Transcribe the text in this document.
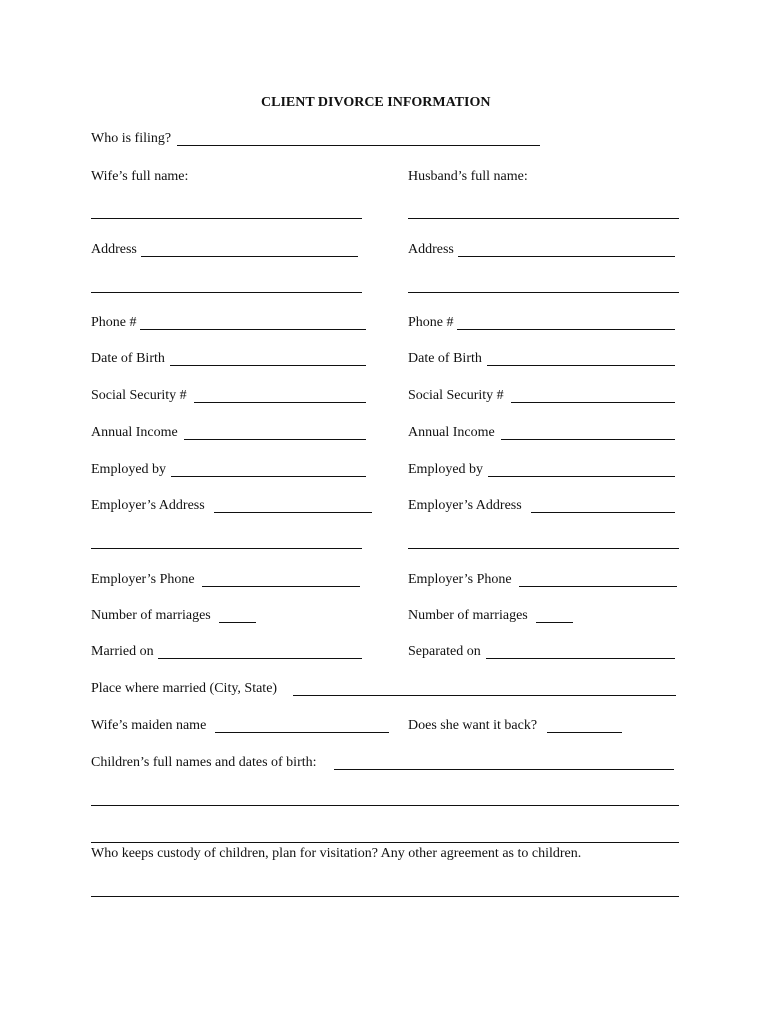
CLIENT DIVORCE INFORMATION
Who is filing?
Wife’s full name:	Husband’s full name:
Address	Address
Phone #	Phone #
Date of Birth	Date of Birth
Social Security #	Social Security #
Annual Income	Annual Income
Employed by	Employed by
Employer’s Address	Employer’s Address
Employer’s Phone	Employer’s Phone
Number of marriages	Number of marriages
Married on	Separated on
Place where married (City, State)
Wife’s maiden name	Does she want it back?
Children’s full names and dates of birth:
Who keeps custody of children, plan for visitation? Any other agreement as to children.
